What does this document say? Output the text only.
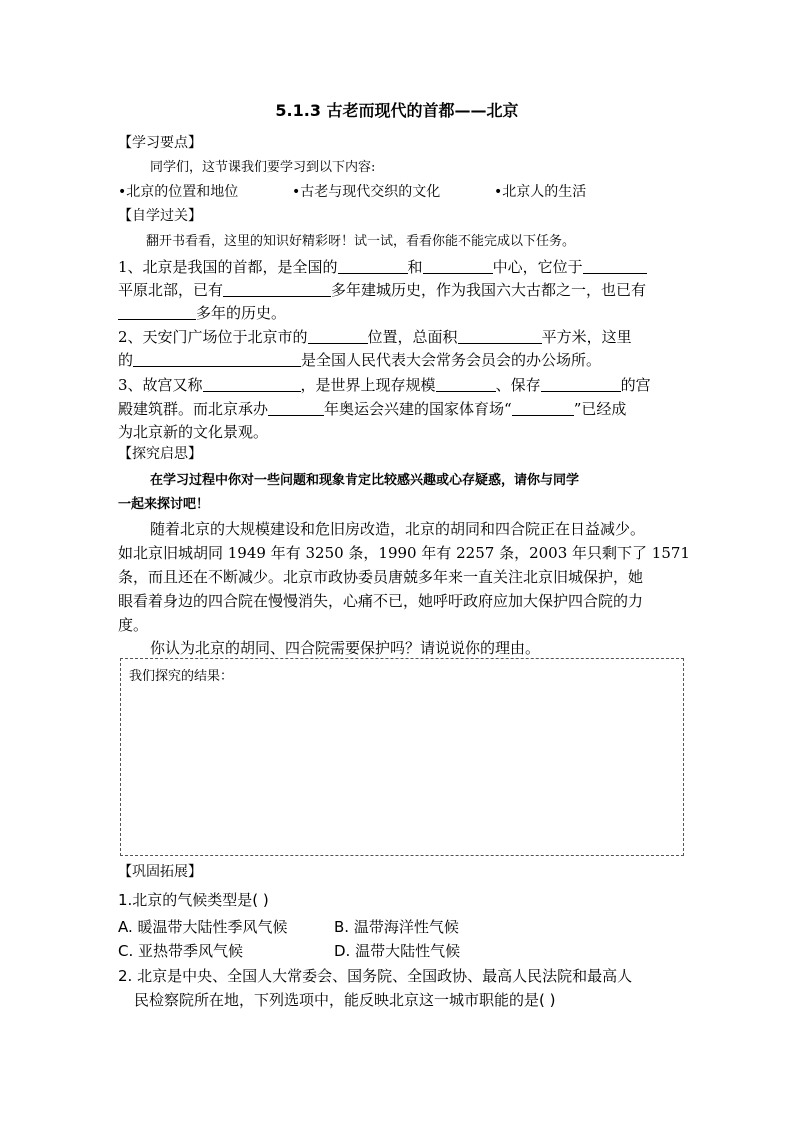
5.1.3 古老而现代的首都——北京
【学习要点】
同学们，这节课我们要学习到以下内容:
•北京的位置和地位	•古老与现代交织的文化	•北京人的生活
【自学过关】
翻开书看看，这里的知识好精彩呀！试一试，看看你能不能完成以下任务。
1、北京是我国的首都，是全国的	和	中心，它位于
平原北部，已有	多年建城历史，作为我国六大古都之一，也已有
多年的历史。
2、天安门广场位于北京市的	位置，总面积	平方米，这里
的	是全国人民代表大会常务会员会的办公场所。
3、故宫又称	，是世界上现存规模	、保存	的宫
殿建筑群。而北京承办	年奥运会兴建的国家体育场“	”已经成
为北京新的文化景观。
【探究启思】
在学习过程中你对一些问题和现象肯定比较感兴趣或心存疑惑，请你与同学
一起来探讨吧！
随着北京的大规模建设和危旧房改造，北京的胡同和四合院正在日益减少。
如北京旧城胡同 1949 年有 3250 条，1990 年有 2257 条，2003 年只剩下了 1571
条，而且还在不断减少。北京市政协委员唐兢多年来一直关注北京旧城保护，她
眼看着身边的四合院在慢慢消失，心痛不已，她呼吁政府应加大保护四合院的力
度。
你认为北京的胡同、四合院需要保护吗？请说说你的理由。
我们探究的结果：
【巩固拓展】
1.北京的气候类型是( )
A. 暖温带大陆性季风气候	B. 温带海洋性气候
C. 亚热带季风气候	D. 温带大陆性气候
2. 北京是中央、全国人大常委会、国务院、全国政协、最高人民法院和最高人
民检察院所在地，下列选项中，能反映北京这一城市职能的是( )
